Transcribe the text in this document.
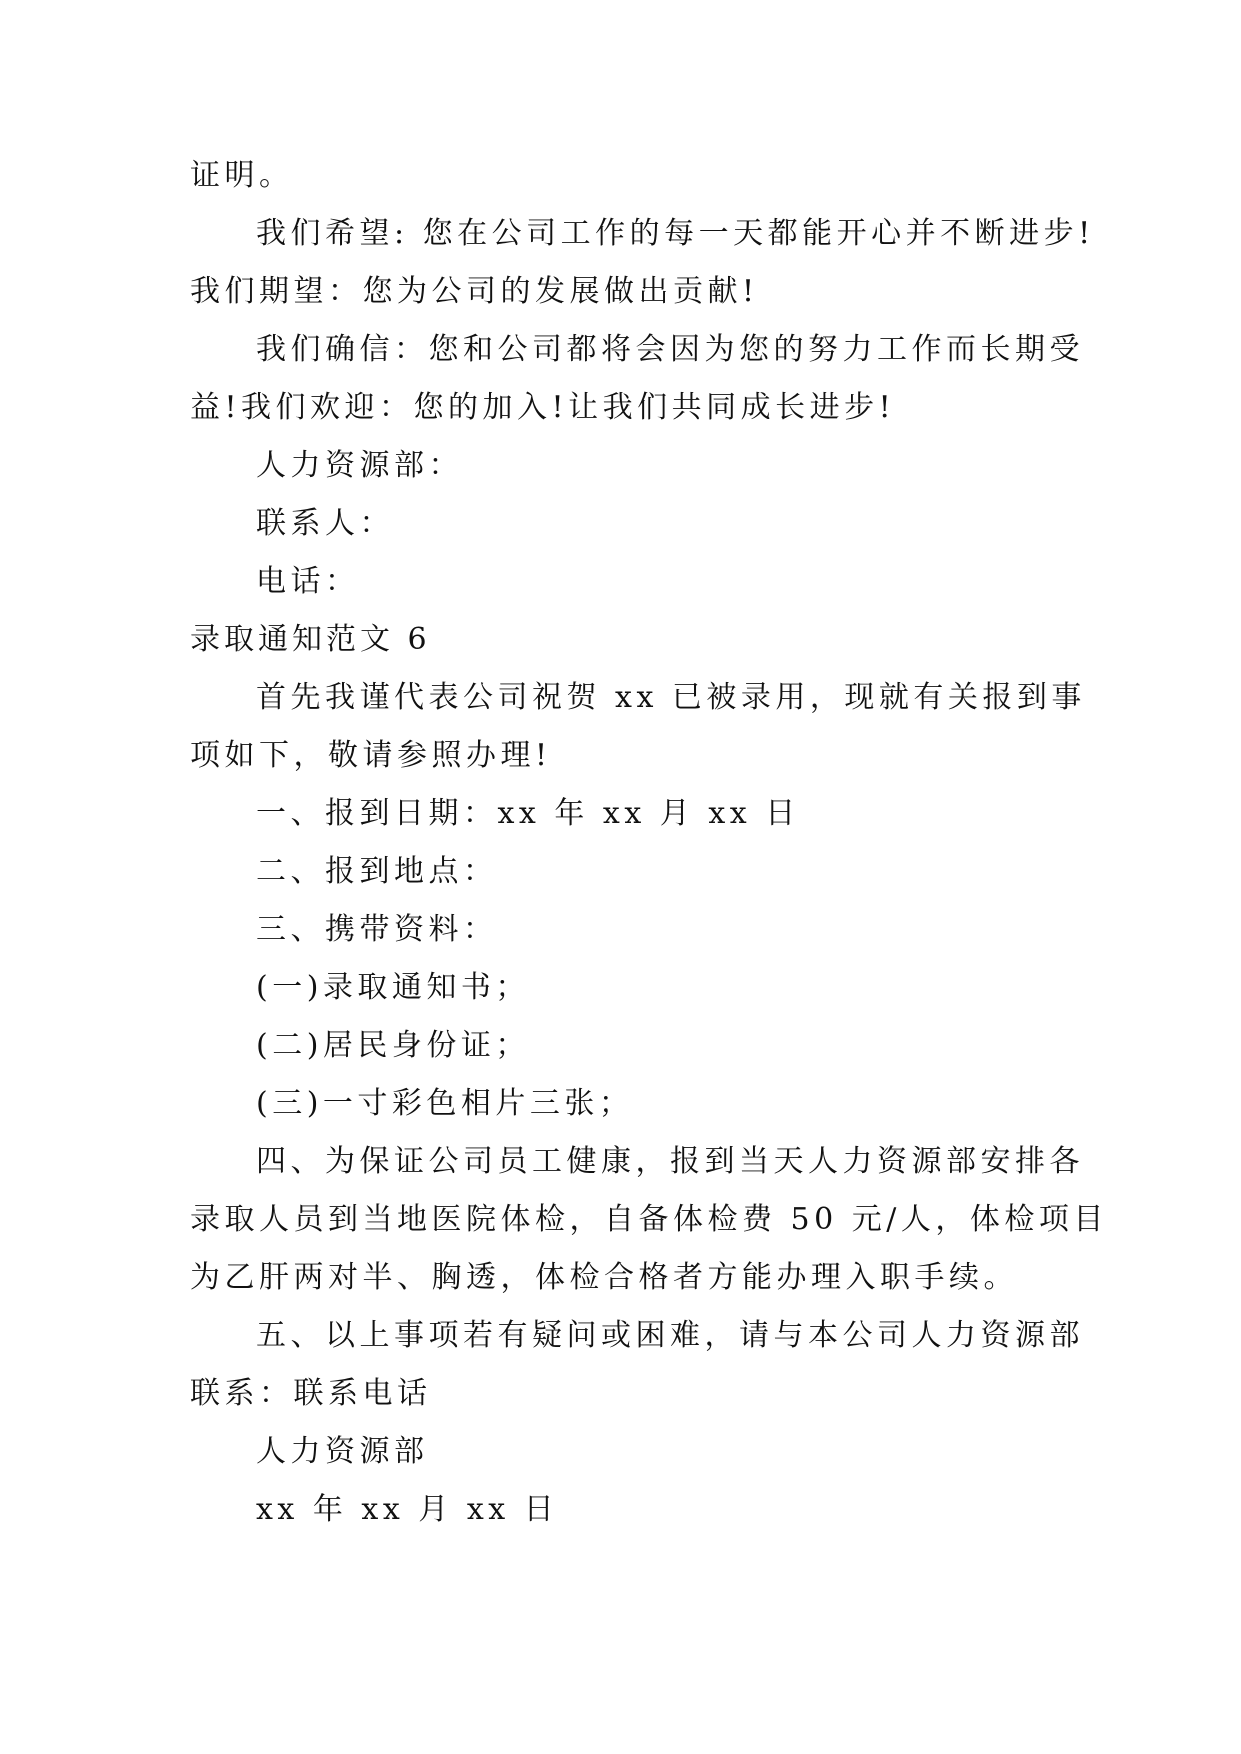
证明。
我们希望: 您在公司工作的每一天都能开心并不断进步!
我们期望：您为公司的发展做出贡献!
我们确信：您和公司都将会因为您的努力工作而长期受
益!我们欢迎：您的加入!让我们共同成长进步!
人力资源部：
联系人：
电话：
录取通知范文 6
首先我谨代表公司祝贺 xx 已被录用，现就有关报到事
项如下，敬请参照办理!
一、报到日期：xx 年 xx 月 xx 日
二、报到地点：
三、携带资料：
(一)录取通知书；
(二)居民身份证；
(三)一寸彩色相片三张；
四、为保证公司员工健康，报到当天人力资源部安排各
录取人员到当地医院体检，自备体检费 50 元/人，体检项目
为乙肝两对半、胸透，体检合格者方能办理入职手续。
五、以上事项若有疑问或困难，请与本公司人力资源部
联系：联系电话
人力资源部
xx 年 xx 月 xx 日
